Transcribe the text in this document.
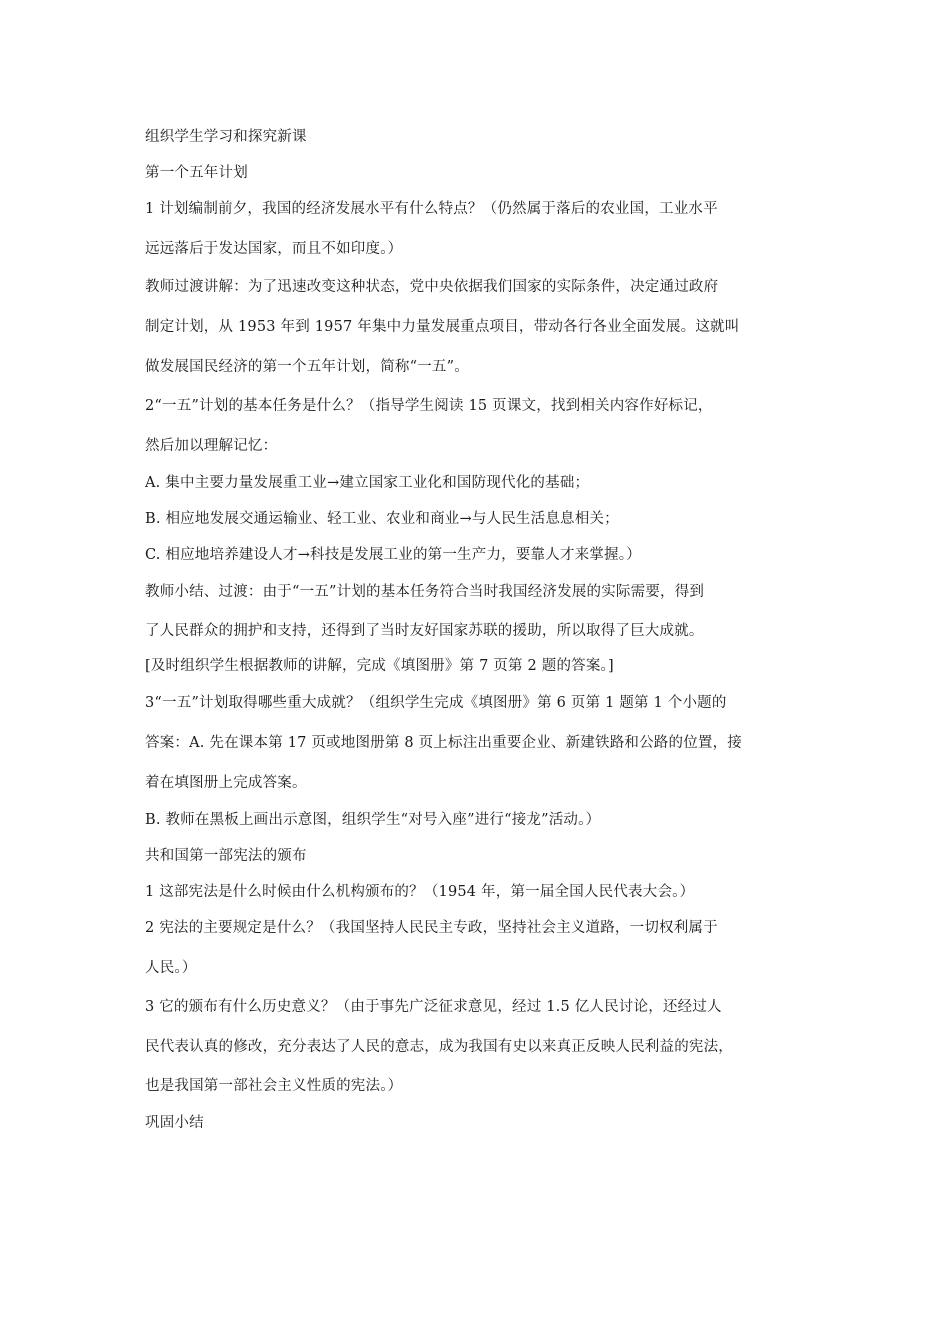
组织学生学习和探究新课
第一个五年计划
1 计划编制前夕，我国的经济发展水平有什么特点？（仍然属于落后的农业国，工业水平
远远落后于发达国家，而且不如印度。）
教师过渡讲解：为了迅速改变这种状态，党中央依据我们国家的实际条件，决定通过政府
制定计划，从 1953 年到 1957 年集中力量发展重点项目，带动各行各业全面发展。这就叫
做发展国民经济的第一个五年计划，简称“一五”。
2“一五”计划的基本任务是什么？（指导学生阅读 15 页课文，找到相关内容作好标记，
然后加以理解记忆：
A. 集中主要力量发展重工业→建立国家工业化和国防现代化的基础；
B. 相应地发展交通运输业、轻工业、农业和商业→与人民生活息息相关；
C. 相应地培养建设人才→科技是发展工业的第一生产力，要靠人才来掌握。）
教师小结、过渡：由于“一五”计划的基本任务符合当时我国经济发展的实际需要，得到
了人民群众的拥护和支持，还得到了当时友好国家苏联的援助，所以取得了巨大成就。
[及时组织学生根据教师的讲解，完成《填图册》第 7 页第 2 题的答案。]
3“一五”计划取得哪些重大成就？（组织学生完成《填图册》第 6 页第 1 题第 1 个小题的
答案：A. 先在课本第 17 页或地图册第 8 页上标注出重要企业、新建铁路和公路的位置，接
着在填图册上完成答案。
B. 教师在黑板上画出示意图，组织学生“对号入座”进行“接龙”活动。）
共和国第一部宪法的颁布
1 这部宪法是什么时候由什么机构颁布的？（1954 年，第一届全国人民代表大会。）
2 宪法的主要规定是什么？（我国坚持人民民主专政，坚持社会主义道路，一切权利属于
人民。）
3 它的颁布有什么历史意义？（由于事先广泛征求意见，经过 1.5 亿人民讨论，还经过人
民代表认真的修改，充分表达了人民的意志，成为我国有史以来真正反映人民利益的宪法，
也是我国第一部社会主义性质的宪法。）
巩固小结
